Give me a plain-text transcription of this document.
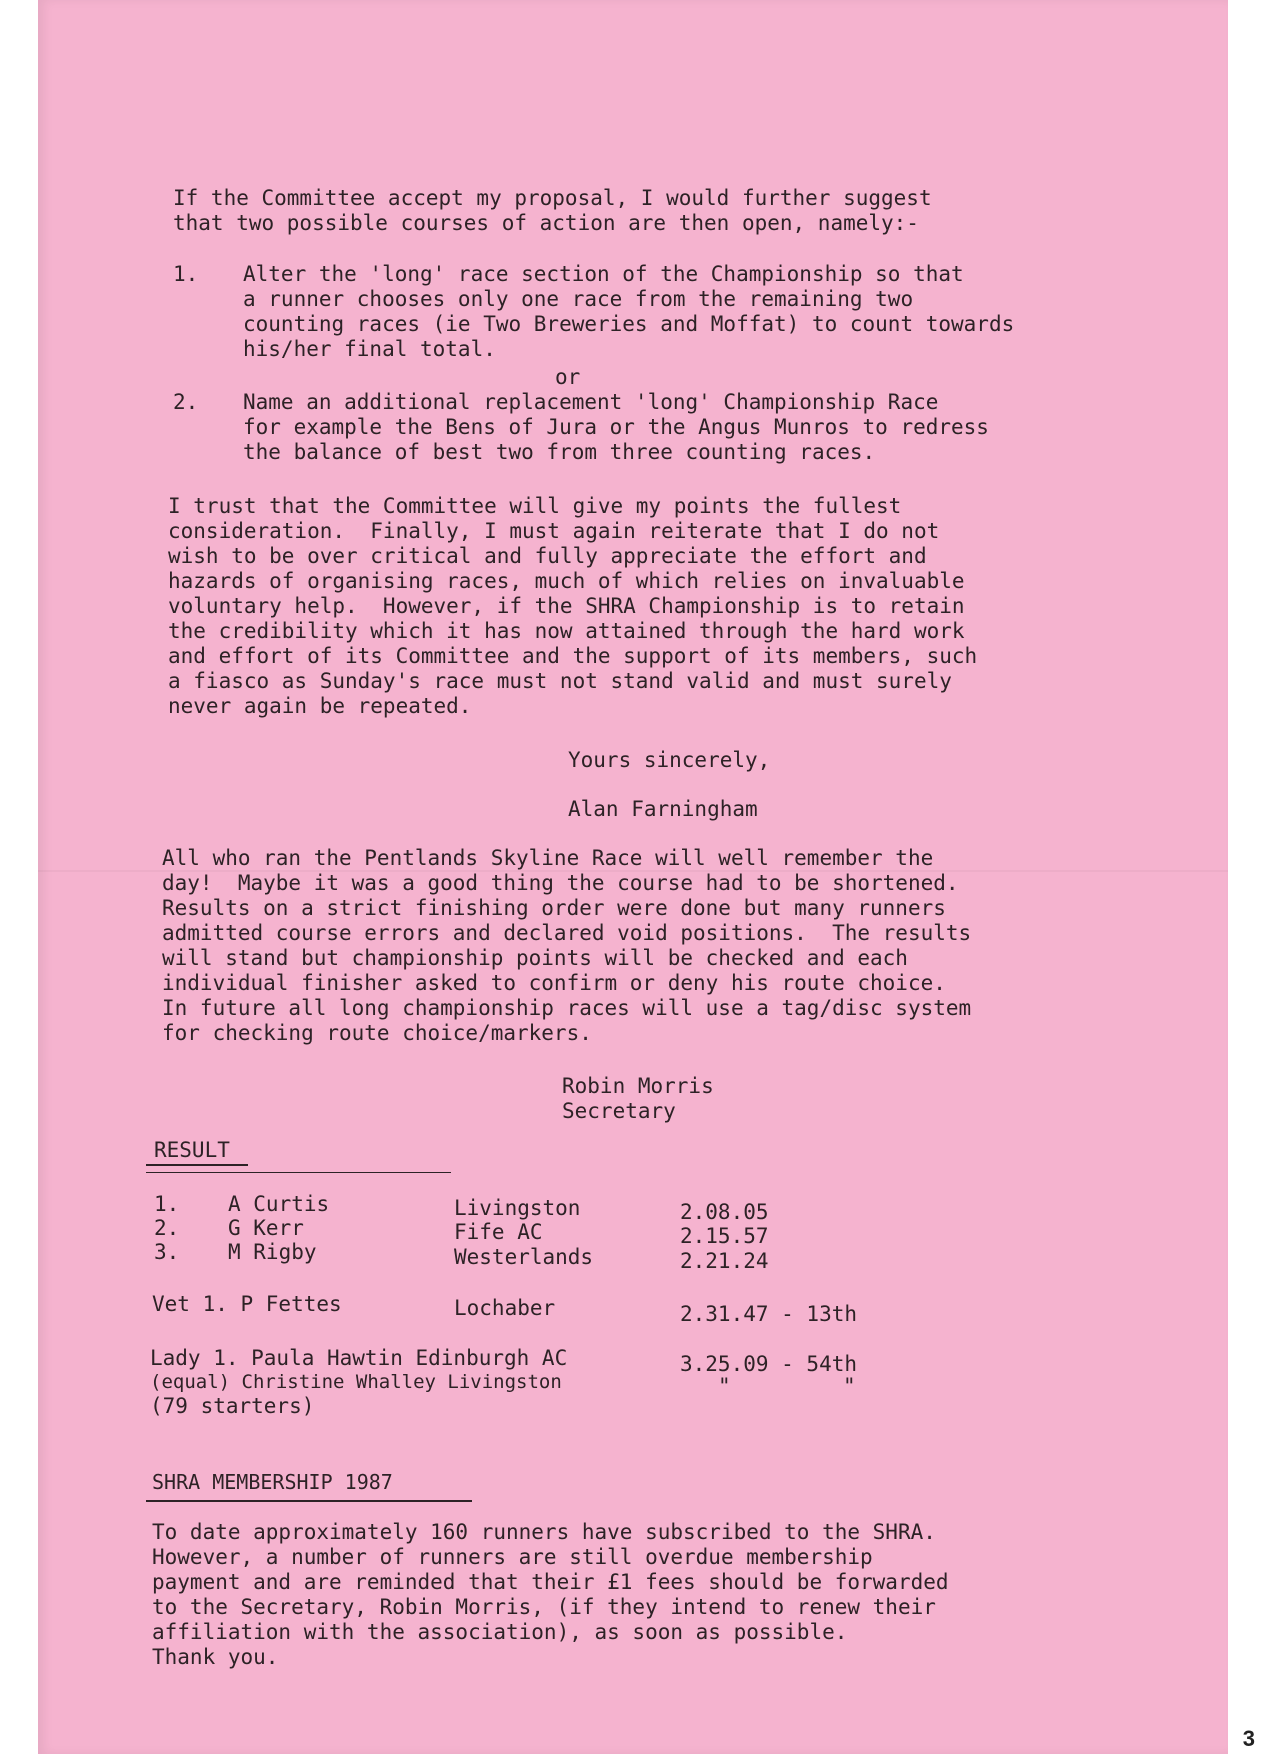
If the Committee accept my proposal, I would further suggest
that two possible courses of action are then open, namely:-
1. Alter the 'long' race section of the Championship so that
a runner chooses only one race from the remaining two
counting races (ie Two Breweries and Moffat) to count towards
his/her final total.
or
2. Name an additional replacement 'long' Championship Race
for example the Bens of Jura or the Angus Munros to redress
the balance of best two from three counting races.
I trust that the Committee will give my points the fullest
consideration.  Finally, I must again reiterate that I do not
wish to be over critical and fully appreciate the effort and
hazards of organising races, much of which relies on invaluable
voluntary help.  However, if the SHRA Championship is to retain
the credibility which it has now attained through the hard work
and effort of its Committee and the support of its members, such
a fiasco as Sunday's race must not stand valid and must surely
never again be repeated.
Yours sincerely,
Alan Farningham
All who ran the Pentlands Skyline Race will well remember the
day!  Maybe it was a good thing the course had to be shortened.
Results on a strict finishing order were done but many runners
admitted course errors and declared void positions.  The results
will stand but championship points will be checked and each
individual finisher asked to confirm or deny his route choice.
In future all long championship races will use a tag/disc system
for checking route choice/markers.
Robin Morris
Secretary
RESULT
1. A Curtis	Livingston	2.08.05
2. G Kerr	Fife AC	2.15.57
3. M Rigby	Westerlands	2.21.24
Vet 1. P Fettes	Lochaber	2.31.47 - 13th
Lady 1. Paula Hawtin Edinburgh AC	3.25.09 - 54th
(equal) Christine Whalley Livingston	"	"
(79 starters)
SHRA MEMBERSHIP 1987
To date approximately 160 runners have subscribed to the SHRA.
However, a number of runners are still overdue membership
payment and are reminded that their £1 fees should be forwarded
to the Secretary, Robin Morris, (if they intend to renew their
affiliation with the association), as soon as possible.
Thank you.
3
